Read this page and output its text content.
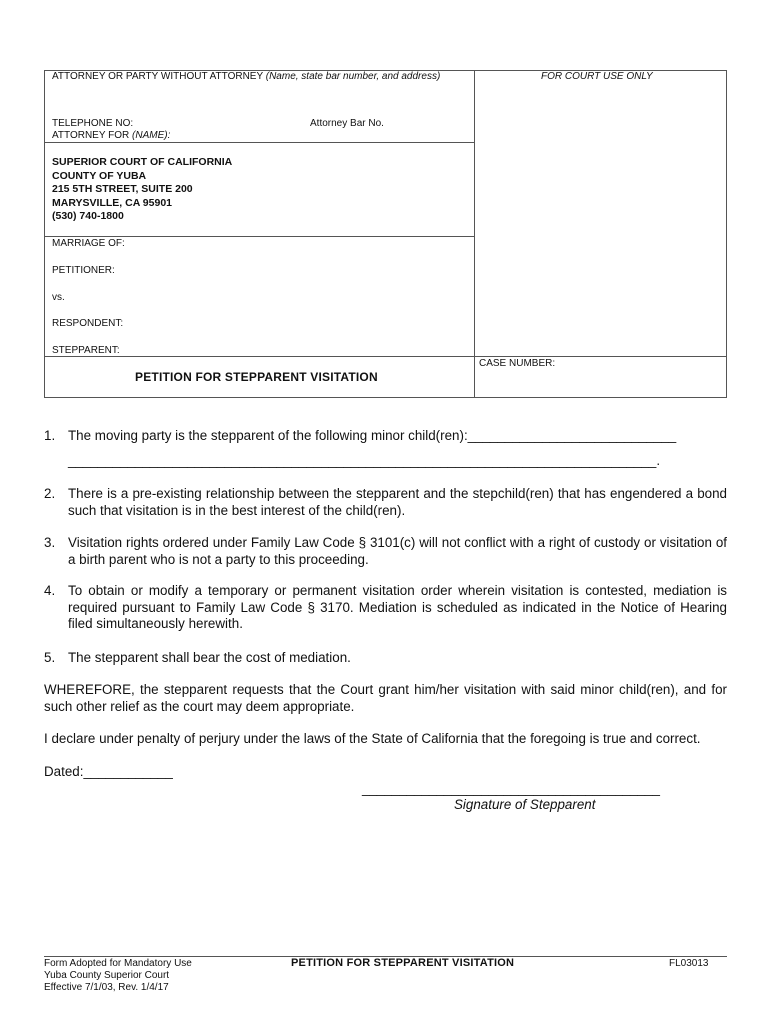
ATTORNEY OR PARTY WITHOUT ATTORNEY (Name, state bar number, and address)	FOR COURT USE ONLY
TELEPHONE NO:	Attorney Bar No.
ATTORNEY FOR (NAME):
SUPERIOR COURT OF CALIFORNIA
COUNTY OF YUBA
215 5TH STREET, SUITE 200
MARYSVILLE, CA 95901
(530) 740-1800
MARRIAGE OF:
PETITIONER:
vs.
RESPONDENT:
STEPPARENT:
CASE NUMBER:
PETITION FOR STEPPARENT VISITATION
1. The moving party is the stepparent of the following minor child(ren):____________________________
_______________________________________________________________________________.
2. There is a pre-existing relationship between the stepparent and the stepchild(ren) that has engendered a bond such that visitation is in the best interest of the child(ren).
3. Visitation rights ordered under Family Law Code § 3101(c) will not conflict with a right of custody or visitation of a birth parent who is not a party to this proceeding.
4. To obtain or modify a temporary or permanent visitation order wherein visitation is contested, mediation is required pursuant to Family Law Code § 3170. Mediation is scheduled as indicated in the Notice of Hearing filed simultaneously herewith.
5. The stepparent shall bear the cost of mediation.
WHEREFORE, the stepparent requests that the Court grant him/her visitation with said minor child(ren), and for such other relief as the court may deem appropriate.
I declare under penalty of perjury under the laws of the State of California that the foregoing is true and correct.
Dated:____________
________________________________________
Signature of Stepparent
Form Adopted for Mandatory Use
Yuba County Superior Court
Effective 7/1/03, Rev. 1/4/17
PETITION FOR STEPPARENT VISITATION	FL03013
